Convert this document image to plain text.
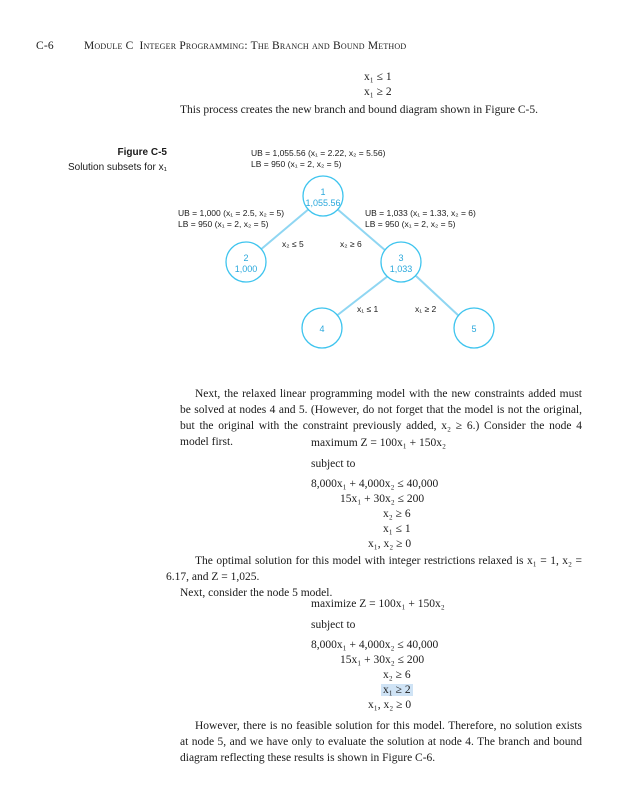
C-6	Module C Integer Programming: The Branch and Bound Method
x₁ ≤ 1
x₁ ≥ 2
This process creates the new branch and bound diagram shown in Figure C-5.
Figure C-5
Solution subsets for x₁
1
1,055.56
2
1,000
3
1,033
4	5
UB = 1,055.56 (x₁ = 2.22, x₂ = 5.56)
LB = 950 (x₁ = 2, x₂ = 5)
UB = 1,000 (x₁ = 2.5, x₂ = 5)
LB = 950 (x₁ = 2, x₂ = 5)
UB = 1,033 (x₁ = 1.33, x₂ = 6)
LB = 950 (x₁ = 2, x₂ = 5)
x₂ ≤ 5	x₂ ≥ 6
x₁ ≤ 1	x₁ ≥ 2

Next, the relaxed linear programming model with the new constraints added must be solved at nodes 4 and 5. (However, do not forget that the model is not the original, but the original with the constraint previously added, x₂ ≥ 6.) Consider the node 4 model first.	maximum Z = 100x₁ + 150x₂
subject to
8,000x₁ + 4,000x₂ ≤ 40,000
15x₁ + 30x₂ ≤ 200
x₂ ≥ 6
x₁ ≤ 1
x₁, x₂ ≥ 0

The optimal solution for this model with integer restrictions relaxed is x₁ = 1, x₂ = 6.17, and Z = 1,025.

Next, consider the node 5 model.

maximize Z = 100x₁ + 150x₂
subject to
8,000x₁ + 4,000x₂ ≤ 40,000
15x₁ + 30x₂ ≤ 200
x₂ ≥ 6
x₁ ≥ 2
x₁, x₂ ≥ 0

However, there is no feasible solution for this model. Therefore, no solution exists at node 5, and we have only to evaluate the solution at node 4. The branch and bound diagram reflecting these results is shown in Figure C-6.
